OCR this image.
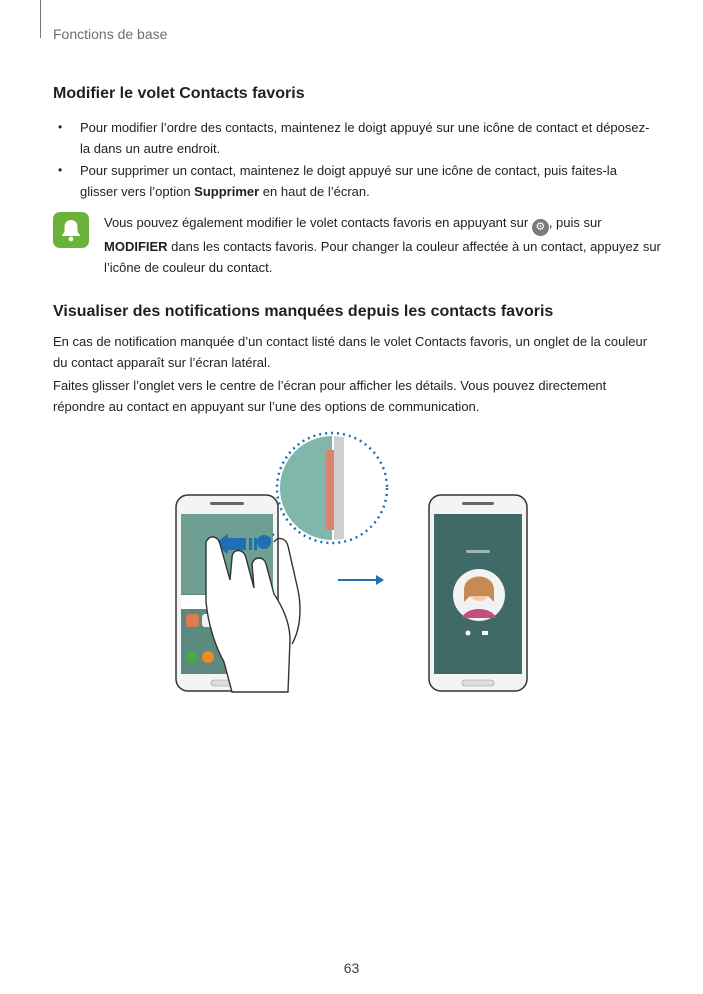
Fonctions de base
Modifier le volet Contacts favoris
• Pour modifier l’ordre des contacts, maintenez le doigt appuyé sur une icône de contact et déposez-la dans un autre endroit.
• Pour supprimer un contact, maintenez le doigt appuyé sur une icône de contact, puis faites-la glisser vers l’option Supprimer en haut de l’écran.
Vous pouvez également modifier le volet contacts favoris en appuyant sur ⚙ , puis sur MODIFIER dans les contacts favoris. Pour changer la couleur affectée à un contact, appuyez sur l’icône de couleur du contact.
Visualiser des notifications manquées depuis les contacts favoris

En cas de notification manquée d’un contact listé dans le volet Contacts favoris, un onglet de la couleur du contact apparaît sur l’écran latéral.

Faites glisser l’onglet vers le centre de l’écran pour afficher les détails. Vous pouvez directement répondre au contact en appuyant sur l’une des options de communication.

63
